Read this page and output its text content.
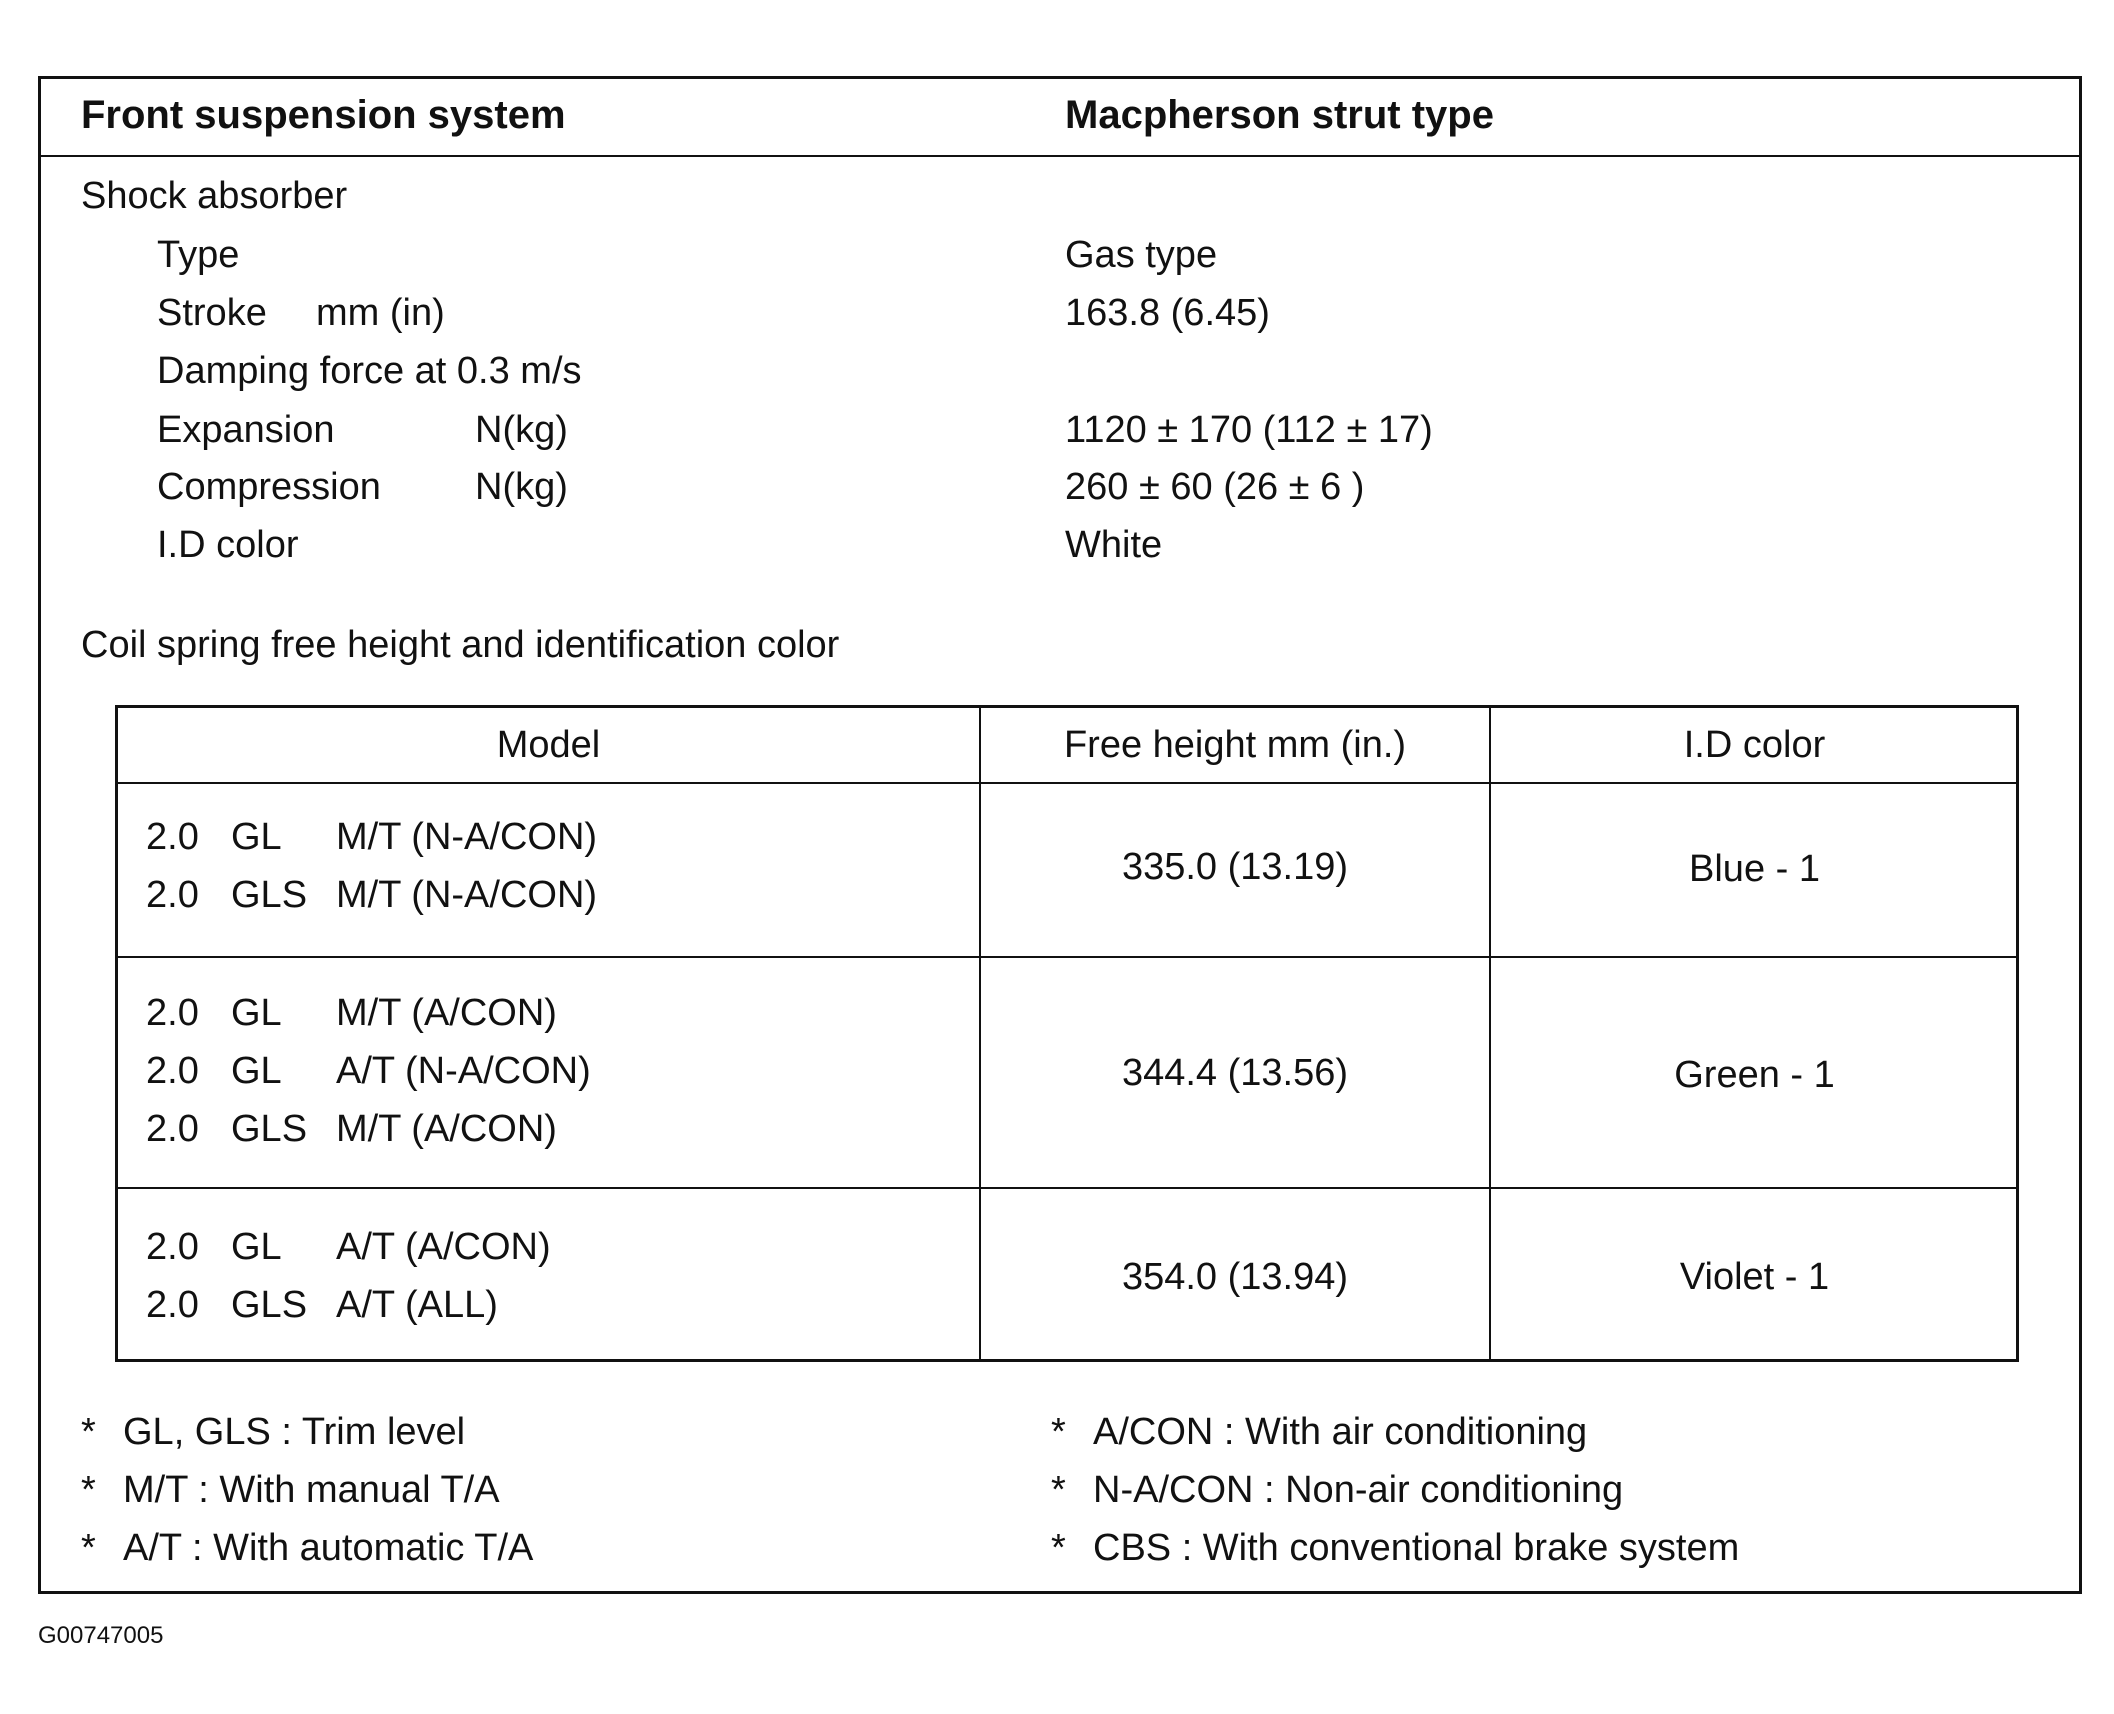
Front suspension system	Macpherson strut type
Shock absorber
Type	Gas type
Stroke mm (in)	163.8 (6.45)
Damping force at 0.3 m/s
Expansion	N(kg)	1120 ± 170 (112 ± 17)
Compression N(kg)	260 ± 60 (26 ± 6 )
I.D color	White
Coil spring free height and identification color
Model	Free height mm (in.)	I.D color
2.0 GL M/T (N-A/CON)
2.0 GLS M/T (N-A/CON)
335.0 (13.19)	Blue - 1
2.0 GL M/T (A/CON)
2.0 GL A/T (N-A/CON)
2.0 GLS M/T (A/CON)
344.4 (13.56)	Green - 1
2.0 GL A/T (A/CON)
2.0 GLS A/T (ALL)
354.0 (13.94)	Violet - 1
* GL, GLS : Trim level
* M/T : With manual T/A
* A/T : With automatic T/A
* A/CON : With air conditioning
* N-A/CON : Non-air conditioning
* CBS : With conventional brake system
G00747005
